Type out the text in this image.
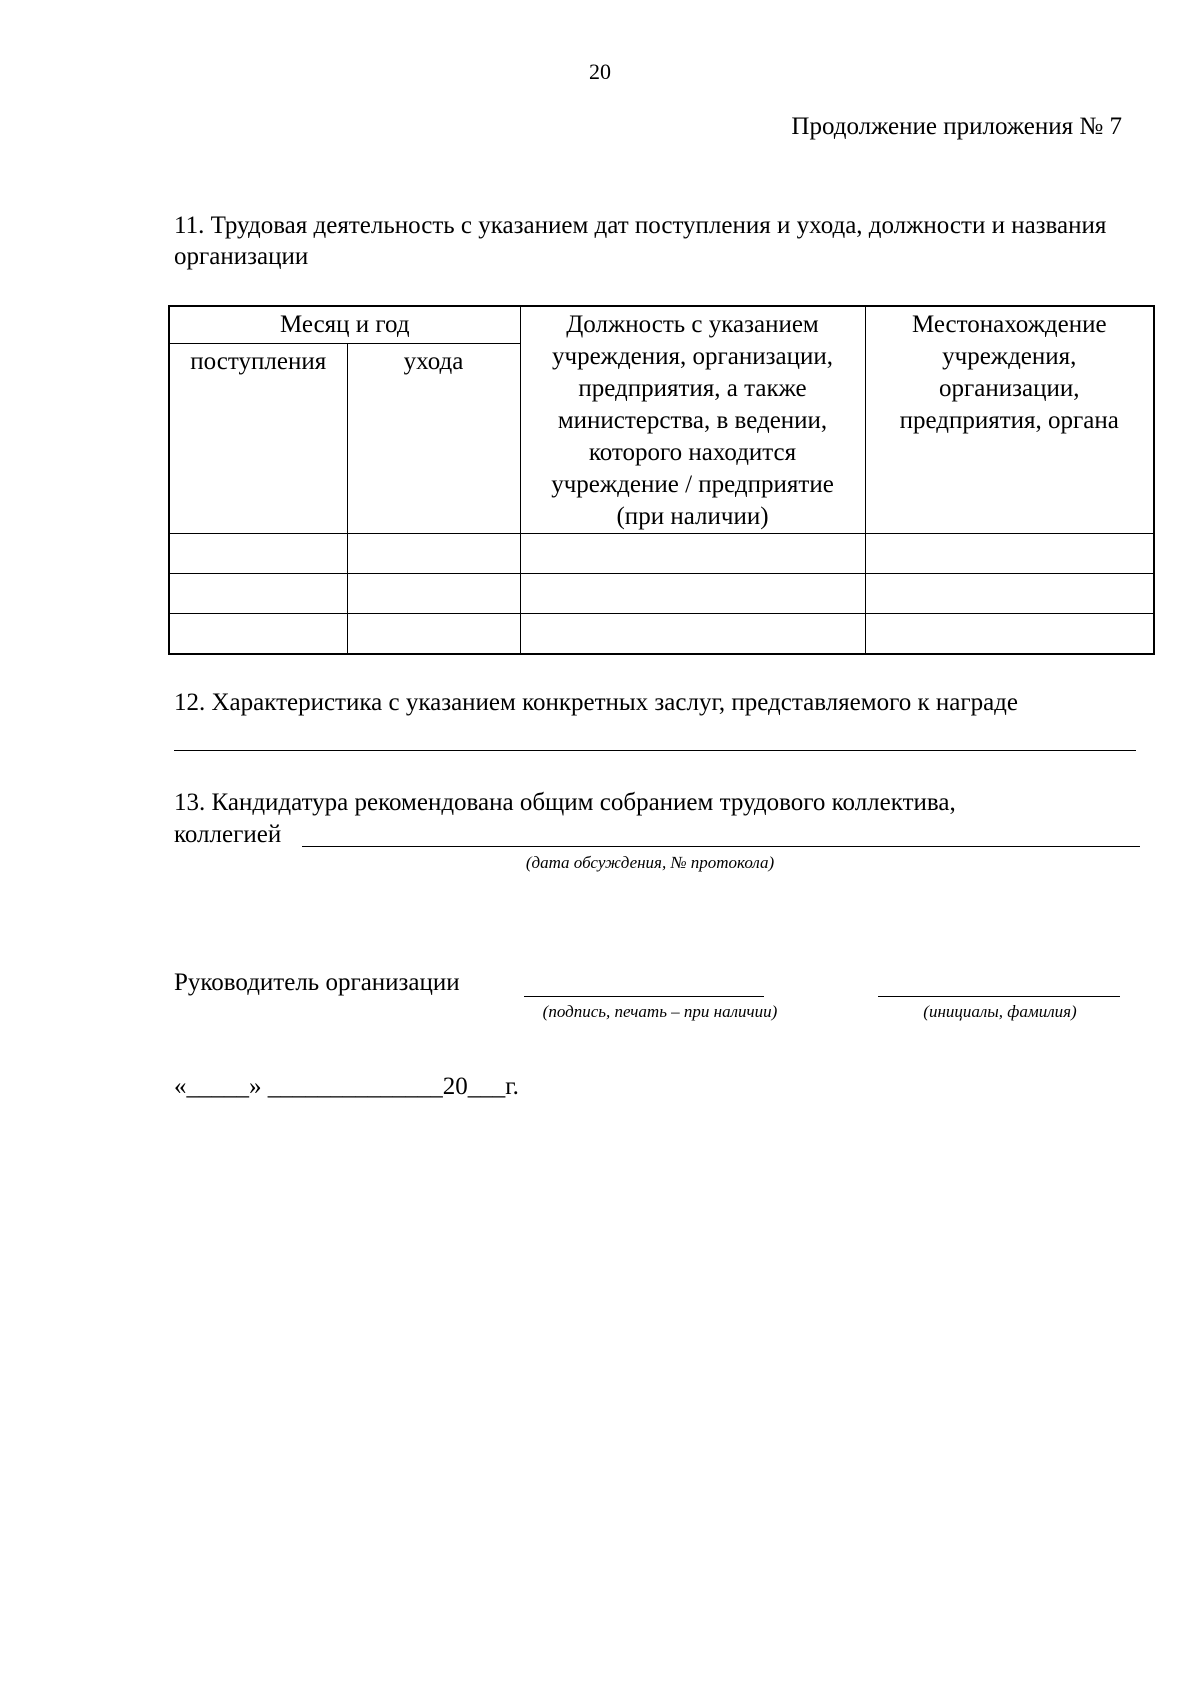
20
Продолжение приложения № 7
11. Трудовая деятельность с указанием дат поступления и ухода, должности и названия организации
Месяц и год		Должность с указанием учреждения, организации, предприятия, а также министерства, в ведении, которого находится учреждение / предприятие (при наличии)	Местонахождение учреждения, организации, предприятия, органа

поступления	ухода		

12. Характеристика с указанием конкретных заслуг, представляемого к награде
13. Кандидатура рекомендована общим собранием трудового коллектива,
коллегией
(дата обсуждения, № протокола)
Руководитель организации
(подпись, печать – при наличии)	(инициалы, фамилия)
«_____» ______________20___г.
